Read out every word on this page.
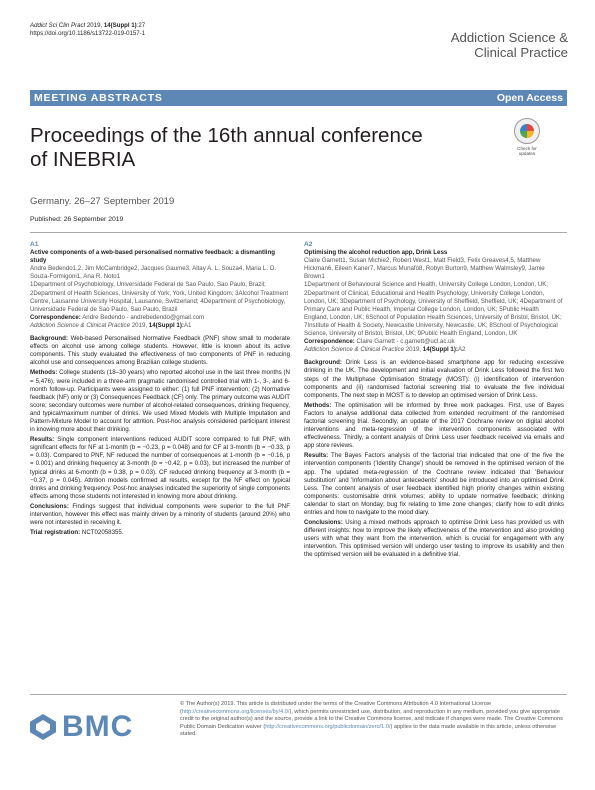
Addict Sci Clin Pract 2019, 14(Suppl 1):27
https://doi.org/10.1186/s13722-019-0157-1	Addiction Science &
Clinical Practice
MEETING ABSTRACTS	Open Access
Proceedings of the 16th annual conference
of INEBRIA	Check for
updates
Germany. 26–27 September 2019
Published: 26 September 2019

A1

Active components of a web-based personalised normative feedback: a dismantling study

Andre Bedendo1,2, Jim McCambridge2, Jacques Gaume3, Altay A. L. Souza4, Maria L. O. Souza-Formigoni1, Ana R. Noto1

1Department of Psychobiology, Universidade Federal de Sao Paulo, Sao Paulo, Brazil; 2Department of Health Sciences, University of York, York, United Kingdom; 3Alcohol Treatment Centre, Lausanne University Hospital, Lausanne, Switzerland; 4Department of Psychobiology, Universidade Federal de Sao Paulo, Sao Paulo, Brazil

Correspondence: Andre Bedendo - andrebedendo@gmail.com

Addiction Science & Clinical Practice 2019, 14(Suppl 1):A1

Background: Web-based Personalised Normative Feedback (PNF) show small to moderate effects on alcohol use among college students. However, little is known about its active components. This study evaluated the effectiveness of two components of PNF in reducing alcohol use and consequences among Brazilian college students.

Methods: College students (18–30 years) who reported alcohol use in the last three months (N = 5,476), were included in a three-arm pragmatic randomised controlled trial with 1-, 3-, and 6-month follow-up. Participants were assigned to either: (1) full PNF intervention; (2) Normative feedback (NF) only or (3) Consequences Feedback (CF) only. The primary outcome was AUDIT score; secondary outcomes were number of alcohol-related consequences, drinking frequency, and typical/maximum number of drinks. We used Mixed Models with Multiple Imputation and Pattern-Mixture Model to account for attrition. Post-hoc analysis considered participant interest in knowing more about their drinking.

Results: Single component interventions reduced AUDIT score compared to full PNF, with significant effects for NF at 1-month (b = −0.23, p = 0.048) and for CF at 3-month (b = −0.33, p = 0.03). Compared to PNF, NF reduced the number of consequences at 1-month (b = −0.16, p = 0.001) and drinking frequency at 3-month (b = −0.42, p = 0.03), but increased the number of typical drinks at 6-month (b = 0.38, p = 0.03). CF reduced drinking frequency at 3-month (b = −0.37, p = 0.045). Attrition models confirmed all results, except for the NF effect on typical drinks and drinking frequency. Post-hoc analyses indicated the superiority of single components effects among those students not interested in knowing more about drinking.

Conclusions: Findings suggest that individual components were superior to the full PNF intervention, however this effect was mainly driven by a minority of students (around 20%) who were not interested in receiving it.

Trial registration: NCT02058355.

A2

Optimising the alcohol reduction app, Drink Less

Claire Garnett1, Susan Michie2, Robert West1, Matt Field3, Felix Greaves4,5, Matthew Hickman6, Eileen Kaner7, Marcus Munafò8, Robyn Burton9, Matthew Walmsley9, Jamie Brown1

1Department of Behavioural Science and Health, University College London, London, UK; 2Department of Clinical, Educational and Health Psychology, University College London, London, UK; 3Department of Psychology, University of Sheffield, Sheffield, UK; 4Department of Primary Care and Public Health, Imperial College London, London, UK; 5Public Health England, London, UK; 6School of Population Health Sciences, University of Bristol, Bristol, UK; 7Institute of Health & Society, Newcastle University, Newcastle, UK; 8School of Psychological Science, University of Bristol, Bristol, UK; 9Public Health England, London, UK

Correspondence: Claire Garnett - c.garnett@ucl.ac.uk

Addiction Science & Clinical Practice 2019, 14(Suppl 1):A2

Background: Drink Less is an evidence-based smartphone app for reducing excessive drinking in the UK. The development and initial evaluation of Drink Less followed the first two steps of the Multiphase Optimisation Strategy (MOST): (i) identification of intervention components and (ii) randomised factorial screening trial to evaluate the five individual components. The next step in MOST is to develop an optimised version of Drink Less.

Methods: The optimisation will be informed by three work packages. First, use of Bayes Factors to analyse additional data collected from extended recruitment of the randomised factorial screening trial. Secondly, an update of the 2017 Cochrane review on digital alcohol interventions and meta-regression of the intervention components associated with effectiveness. Thirdly, a content analysis of Drink Less user feedback received via emails and app store reviews.

Results: The Bayes Factors analysis of the factorial trial indicated that one of the five the intervention components ('Identity Change') should be removed in the optimised version of the app. The updated meta-regression of the Cochrane review indicated that 'Behaviour substitution' and 'Information about antecedents' should be introduced into an optimised Drink Less. The content analysis of user feedback identified high priority changes within existing components: customisable drink volumes; ability to update normative feedback; drinking calendar to start on Monday; bug fix relating to time zone changes; clarify how to edit drinks entries and how to navigate to the mood diary.

Conclusions: Using a mixed methods approach to optimise Drink Less has provided us with different insights: how to improve the likely effectiveness of the intervention and also providing users with what they want from the intervention, which is crucial for engagement with any intervention. This optimised version will undergo user testing to improve its usability and then the optimised version will be evaluated in a definitive trial.

BMC
© The Author(s) 2019. This article is distributed under the terms of the Creative Commons Attribution 4.0 International License (http://creativecommons.org/licenses/by/4.0/), which permits unrestricted use, distribution, and reproduction in any medium, provided you give appropriate credit to the original author(s) and the source, provide a link to the Creative Commons license, and indicate if changes were made. The Creative Commons Public Domain Dedication waiver (http://creativecommons.org/publicdomain/zero/1.0/) applies to the data made available in this article, unless otherwise stated.
